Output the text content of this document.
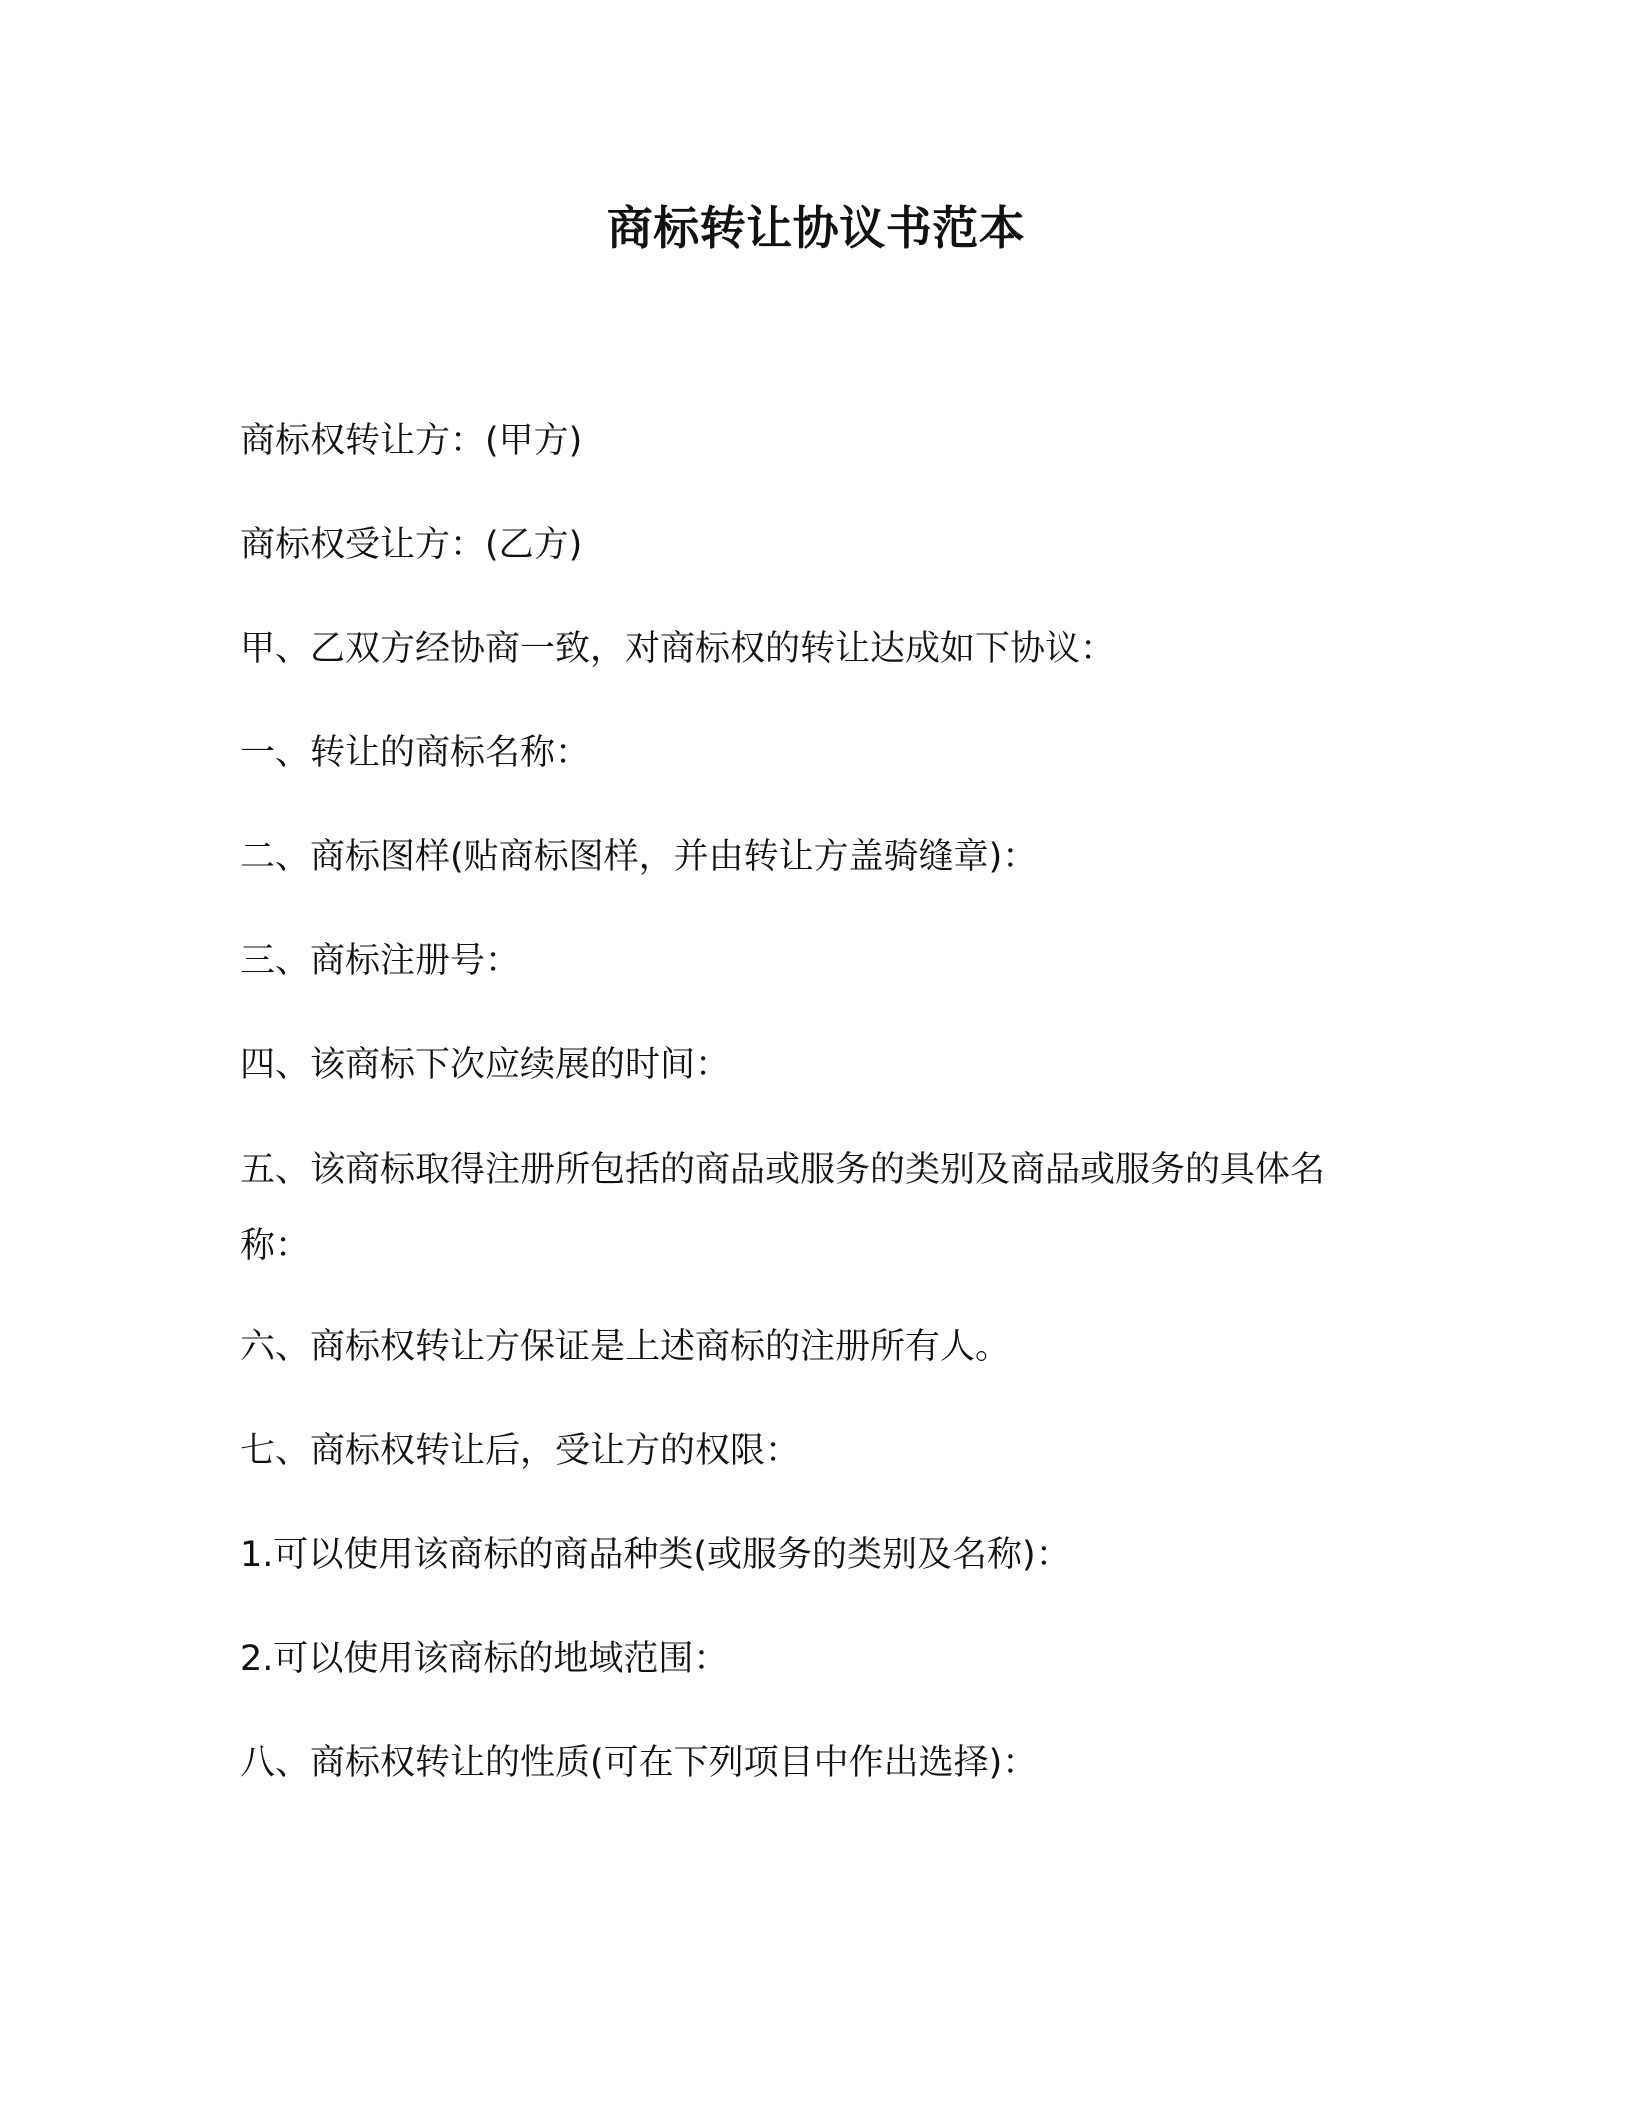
商标转让协议书范本
商标权转让方：(甲方)
商标权受让方：(乙方)
甲、乙双方经协商一致，对商标权的转让达成如下协议：
一、转让的商标名称：
二、商标图样(贴商标图样，并由转让方盖骑缝章)：
三、商标注册号：
四、该商标下次应续展的时间：
五、该商标取得注册所包括的商品或服务的类别及商品或服务的具体名称：
六、商标权转让方保证是上述商标的注册所有人。
七、商标权转让后，受让方的权限：
1.可以使用该商标的商品种类(或服务的类别及名称)：
2.可以使用该商标的地域范围：
八、商标权转让的性质(可在下列项目中作出选择)：
